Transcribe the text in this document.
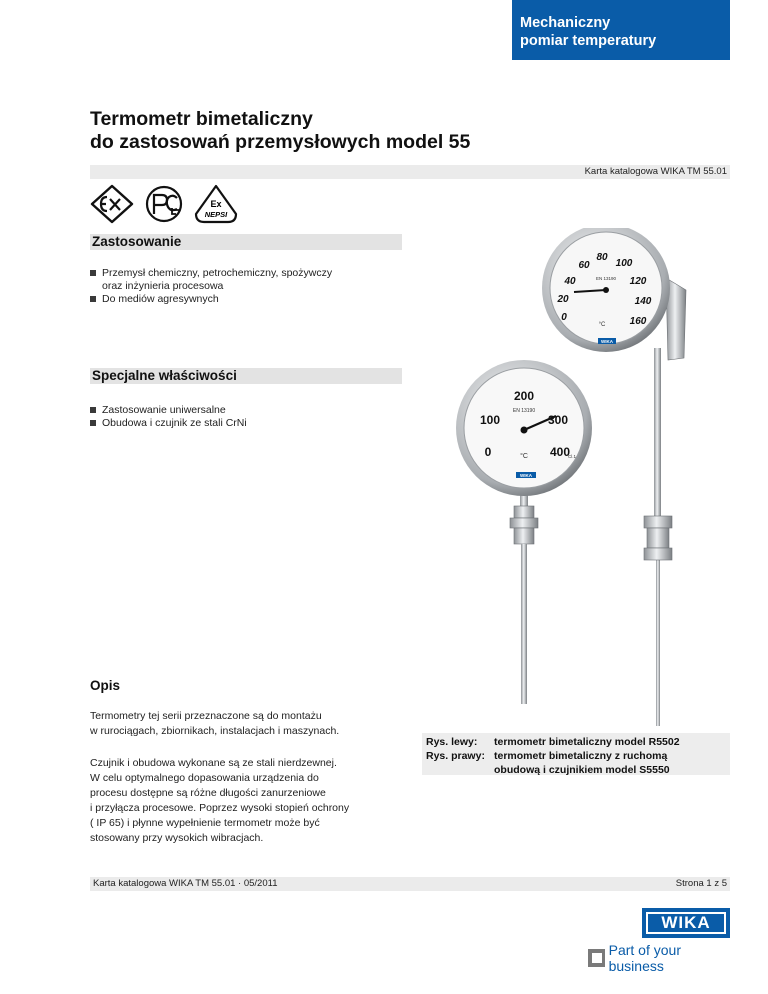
Mechaniczny
pomiar temperatury
Termometr bimetaliczny
do zastosowań przemysłowych model 55
Karta katalogowa WIKA TM 55.01
Ex
NEPSI
Zastosowanie
Przemysł chemiczny, petrochemiczny, spożywczy
oraz inżynieria procesowa
Do mediów agresywnych
Specjalne właściwości
Zastosowanie uniwersalne
Obudowa i czujnik ze stali CrNi
0
20
40
60
80
100
120
140
160
EN 13190
°C
WIKA
0
100
200
300
400
EN 13190
°C	Cl.1
WIKA
Opis

Termometry tej serii przeznaczone są do montażu
w rurociągach, zbiornikach, instalacjach i maszynach.

Czujnik i obudowa wykonane są ze stali nierdzewnej.
W celu optymalnego dopasowania urządzenia do
procesu dostępne są różne długości zanurzeniowe
i przyłącza procesowe. Poprzez wysoki stopień ochrony
( IP 65) i płynne wypełnienie termometr może być
stosowany przy wysokich wibracjach.

Rys. lewy:	termometr bimetaliczny model R5502
Rys. prawy: termometr bimetaliczny z ruchomą
obudową i czujnikiem model S5550
Karta katalogowa WIKA TM 55.01 · 05/2011	Strona 1 z 5
WIKA
Part of your business
